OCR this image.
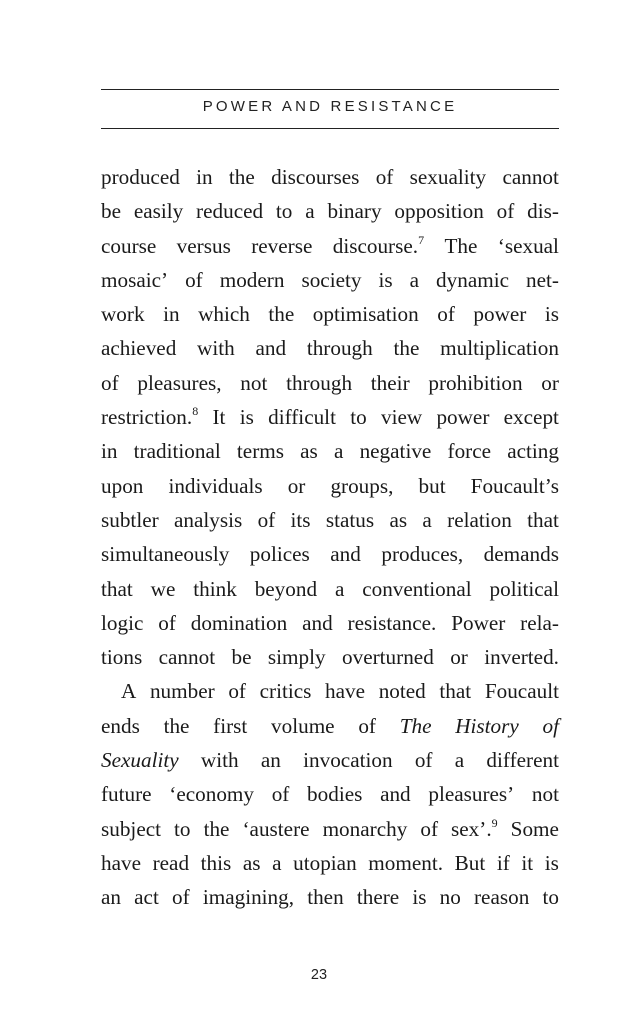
POWER AND RESISTANCE
produced in the discourses of sexuality cannot
be easily reduced to a binary opposition of dis-
course versus reverse discourse.$^7$ The ‘sexual
mosaic’ of modern society is a dynamic net-
work in which the optimisation of power is
achieved with and through the multiplication
of pleasures, not through their prohibition or
restriction.$^8$ It is difficult to view power except
in traditional terms as a negative force acting
upon individuals or groups, but Foucault’s
subtler analysis of its status as a relation that
simultaneously polices and produces, demands
that we think beyond a conventional political
logic of domination and resistance. Power rela-
tions cannot be simply overturned or inverted.
A number of critics have noted that Foucault
ends the first volume of The History of
Sexuality with an invocation of a different
future ‘economy of bodies and pleasures’ not
subject to the ‘austere monarchy of sex’.$^9$ Some
have read this as a utopian moment. But if it is
an act of imagining, then there is no reason to
23
